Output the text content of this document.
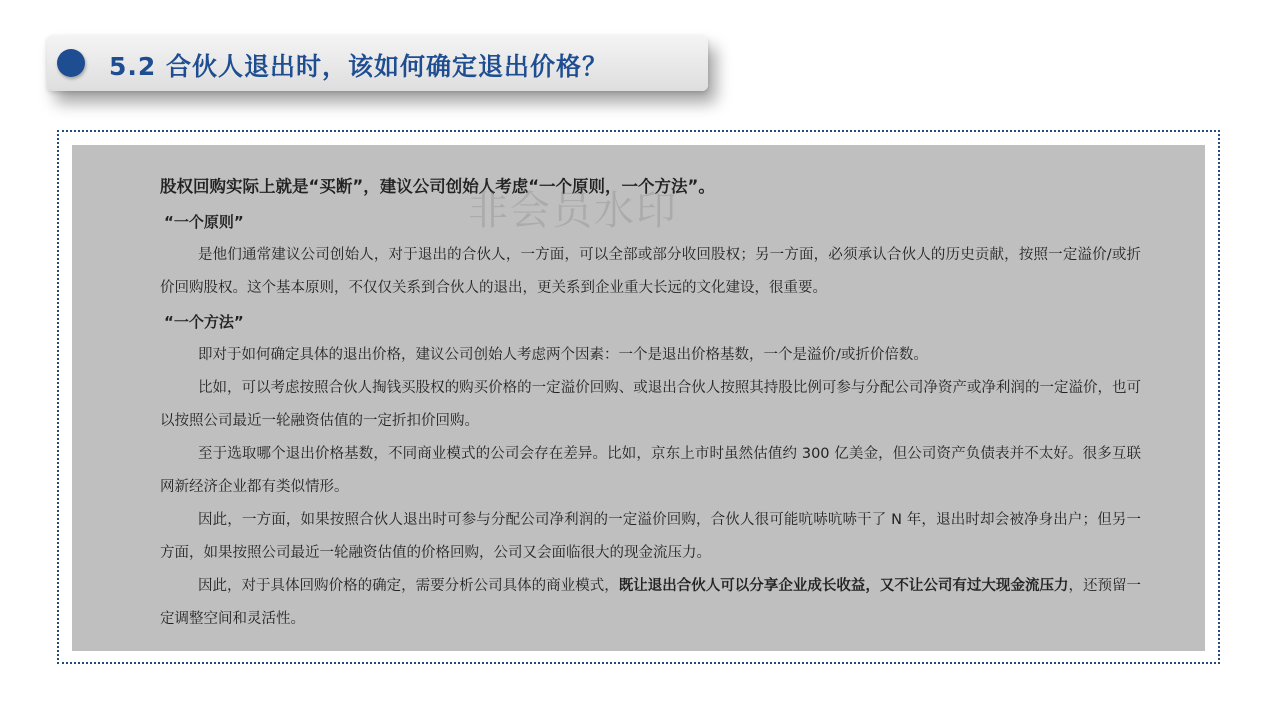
5.2 合伙人退出时，该如何确定退出价格？

股权回购实际上就是“买断”，建议公司创始人考虑“一个原则，一个方法”。

“一个原则”

是他们通常建议公司创始人，对于退出的合伙人，一方面，可以全部或部分收回股权；另一方面，必须承认合伙人的历史贡献，按照一定溢价/或折价回购股权。这个基本原则，不仅仅关系到合伙人的退出，更关系到企业重大长远的文化建设，很重要。

“一个方法”

即对于如何确定具体的退出价格，建议公司创始人考虑两个因素：一个是退出价格基数，一个是溢价/或折价倍数。

比如，可以考虑按照合伙人掏钱买股权的购买价格的一定溢价回购、或退出合伙人按照其持股比例可参与分配公司净资产或净利润的一定溢价，也可以按照公司最近一轮融资估值的一定折扣价回购。

至于选取哪个退出价格基数，不同商业模式的公司会存在差异。比如，京东上市时虽然估值约 300 亿美金，但公司资产负债表并不太好。很多互联网新经济企业都有类似情形。

因此，一方面，如果按照合伙人退出时可参与分配公司净利润的一定溢价回购，合伙人很可能吭哧吭哧干了 N 年，退出时却会被净身出户；但另一方面，如果按照公司最近一轮融资估值的价格回购，公司又会面临很大的现金流压力。

因此，对于具体回购价格的确定，需要分析公司具体的商业模式，既让退出合伙人可以分享企业成长收益，又不让公司有过大现金流压力，还预留一定调整空间和灵活性。

非会员水印
